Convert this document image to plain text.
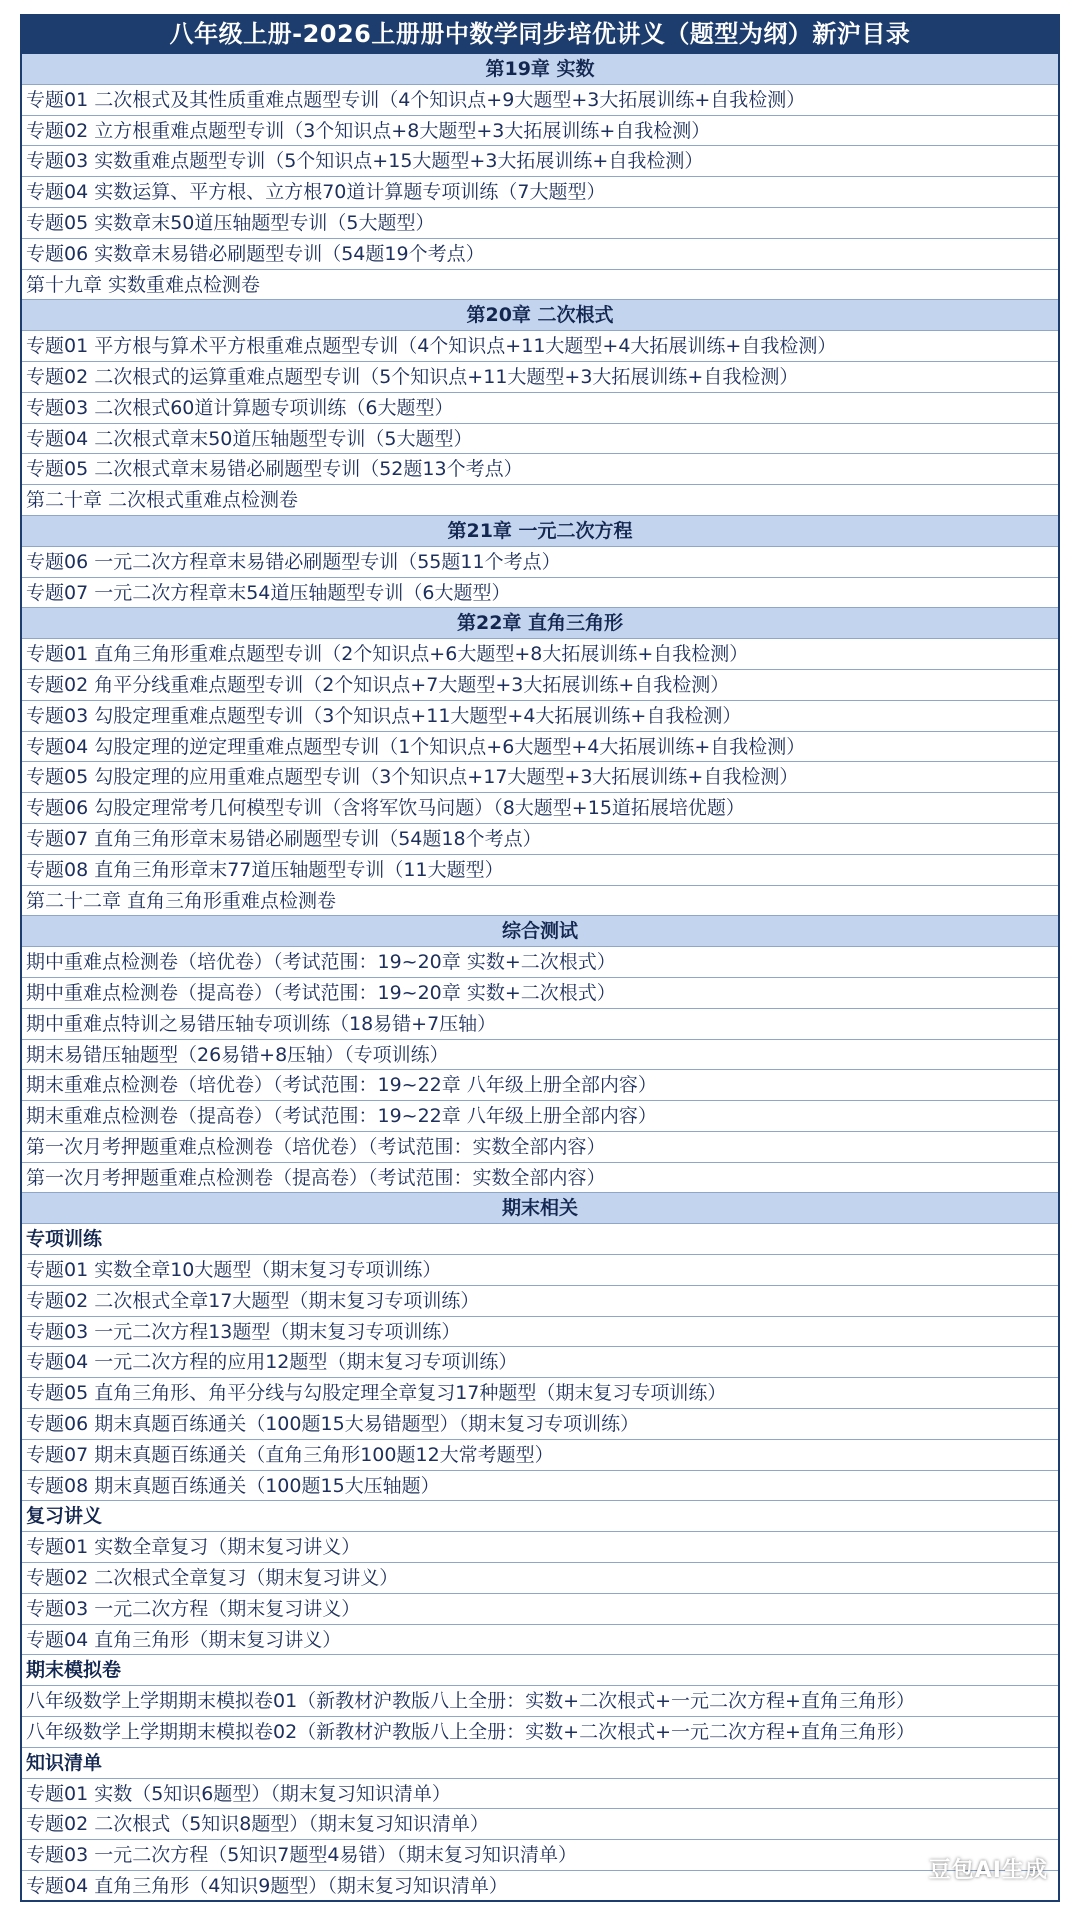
八年级上册-2026上册册中数学同步培优讲义（题型为纲）新沪目录
第19章 实数
专题01 二次根式及其性质重难点题型专训（4个知识点+9大题型+3大拓展训练+自我检测）
专题02 立方根重难点题型专训（3个知识点+8大题型+3大拓展训练+自我检测）
专题03 实数重难点题型专训（5个知识点+15大题型+3大拓展训练+自我检测）
专题04 实数运算、平方根、立方根70道计算题专项训练（7大题型）
专题05 实数章末50道压轴题型专训（5大题型）
专题06 实数章末易错必刷题型专训（54题19个考点）
第十九章 实数重难点检测卷
第20章 二次根式
专题01 平方根与算术平方根重难点题型专训（4个知识点+11大题型+4大拓展训练+自我检测）
专题02 二次根式的运算重难点题型专训（5个知识点+11大题型+3大拓展训练+自我检测）
专题03 二次根式60道计算题专项训练（6大题型）
专题04 二次根式章末50道压轴题型专训（5大题型）
专题05 二次根式章末易错必刷题型专训（52题13个考点）
第二十章 二次根式重难点检测卷
第21章 一元二次方程
专题06 一元二次方程章末易错必刷题型专训（55题11个考点）
专题07 一元二次方程章末54道压轴题型专训（6大题型）
第22章 直角三角形
专题01 直角三角形重难点题型专训（2个知识点+6大题型+8大拓展训练+自我检测）
专题02 角平分线重难点题型专训（2个知识点+7大题型+3大拓展训练+自我检测）
专题03 勾股定理重难点题型专训（3个知识点+11大题型+4大拓展训练+自我检测）
专题04 勾股定理的逆定理重难点题型专训（1个知识点+6大题型+4大拓展训练+自我检测）
专题05 勾股定理的应用重难点题型专训（3个知识点+17大题型+3大拓展训练+自我检测）
专题06 勾股定理常考几何模型专训（含将军饮马问题）（8大题型+15道拓展培优题）
专题07 直角三角形章末易错必刷题型专训（54题18个考点）
专题08 直角三角形章末77道压轴题型专训（11大题型）
第二十二章 直角三角形重难点检测卷
综合测试
期中重难点检测卷（培优卷）（考试范围：19~20章 实数+二次根式）
期中重难点检测卷（提高卷）（考试范围：19~20章 实数+二次根式）
期中重难点特训之易错压轴专项训练（18易错+7压轴）
期末易错压轴题型（26易错+8压轴）（专项训练）
期末重难点检测卷（培优卷）（考试范围：19~22章 八年级上册全部内容）
期末重难点检测卷（提高卷）（考试范围：19~22章 八年级上册全部内容）
第一次月考押题重难点检测卷（培优卷）（考试范围：实数全部内容）
第一次月考押题重难点检测卷（提高卷）（考试范围：实数全部内容）
期末相关
专项训练
专题01 实数全章10大题型（期末复习专项训练）
专题02 二次根式全章17大题型（期末复习专项训练）
专题03 一元二次方程13题型（期末复习专项训练）
专题04 一元二次方程的应用12题型（期末复习专项训练）
专题05 直角三角形、角平分线与勾股定理全章复习17种题型（期末复习专项训练）
专题06 期末真题百练通关（100题15大易错题型）（期末复习专项训练）
专题07 期末真题百练通关（直角三角形100题12大常考题型）
专题08 期末真题百练通关（100题15大压轴题）
复习讲义
专题01 实数全章复习（期末复习讲义）
专题02 二次根式全章复习（期末复习讲义）
专题03 一元二次方程（期末复习讲义）
专题04 直角三角形（期末复习讲义）
期末模拟卷
八年级数学上学期期末模拟卷01（新教材沪教版八上全册：实数+二次根式+一元二次方程+直角三角形）
八年级数学上学期期末模拟卷02（新教材沪教版八上全册：实数+二次根式+一元二次方程+直角三角形）
知识清单
专题01 实数（5知识6题型）（期末复习知识清单）
专题02 二次根式（5知识8题型）（期末复习知识清单）
专题03 一元二次方程（5知识7题型4易错）（期末复习知识清单）
专题04 直角三角形（4知识9题型）（期末复习知识清单）
豆包AI生成
